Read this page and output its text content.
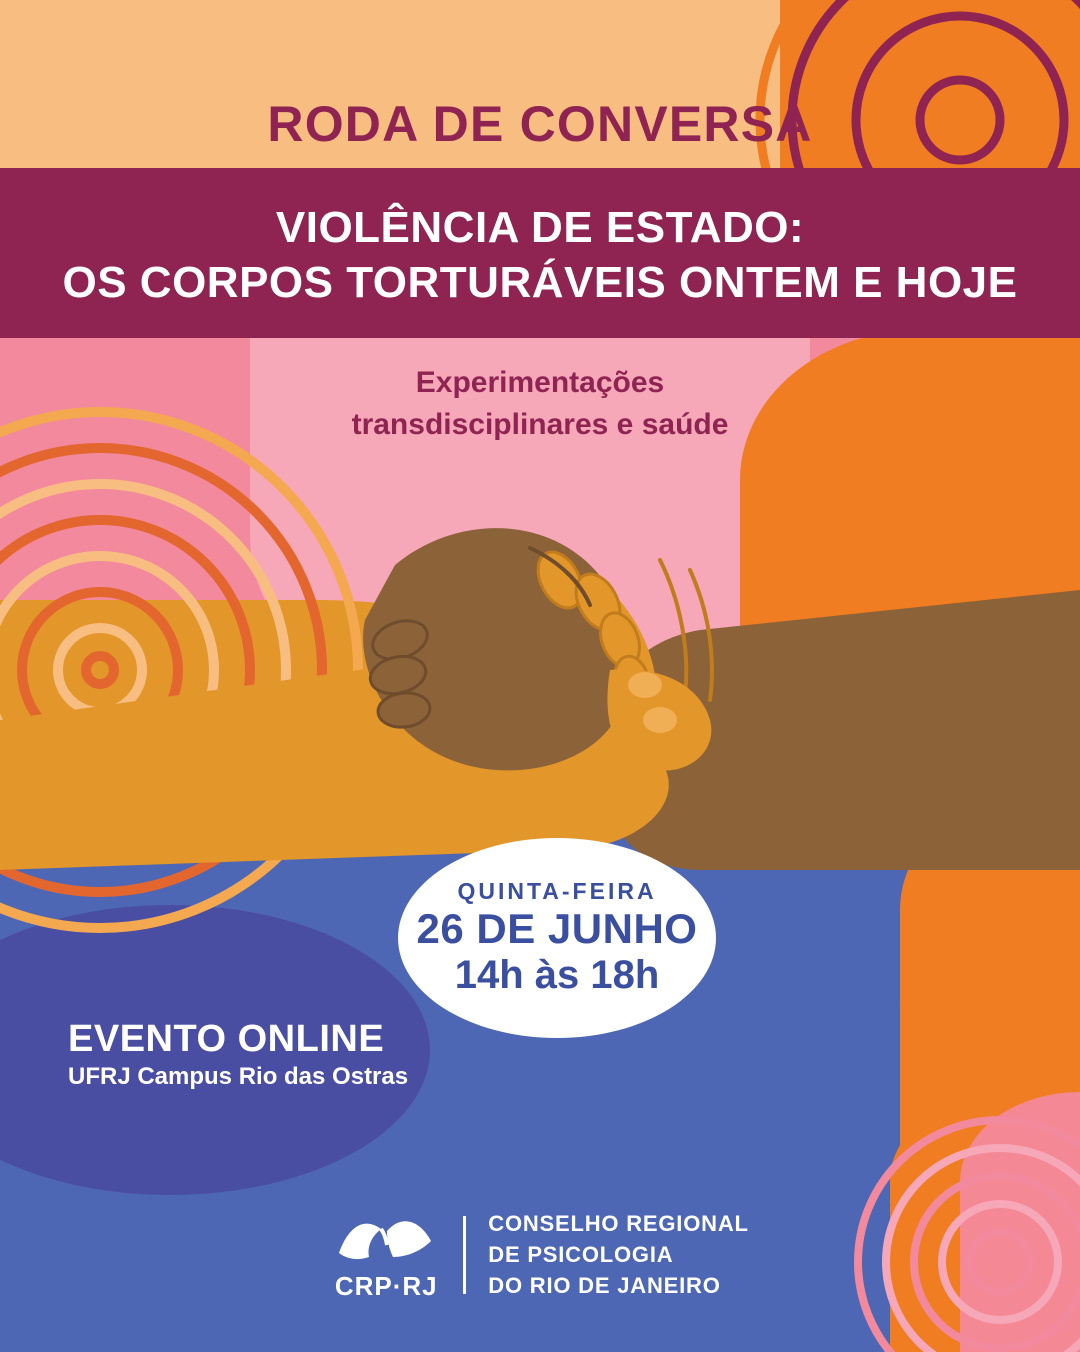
RODA DE CONVERSA
VIOLÊNCIA DE ESTADO:
OS CORPOS TORTURÁVEIS ONTEM E HOJE
Experimentações
transdisciplinares e saúde
QUINTA-FEIRA
26 DE JUNHO
14h às 18h
EVENTO ONLINE
UFRJ Campus Rio das Ostras
CRP·RJ
CONSELHO REGIONAL
DE PSICOLOGIA
DO RIO DE JANEIRO
